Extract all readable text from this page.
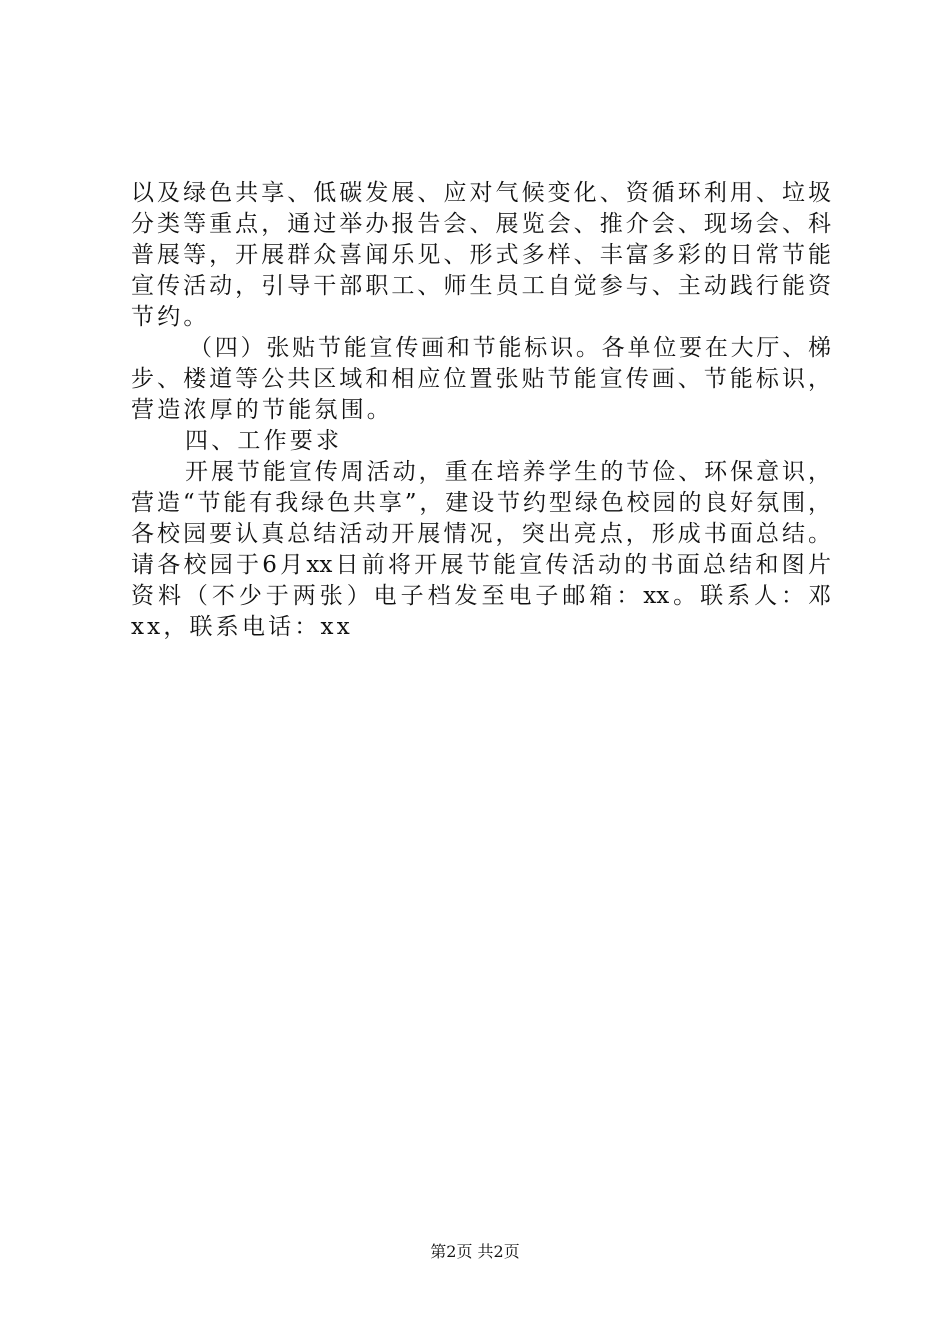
以及绿色共享、低碳发展、应对气候变化、资循环利用、垃圾
分类等重点，通过举办报告会、展览会、推介会、现场会、科
普展等，开展群众喜闻乐见、形式多样、丰富多彩的日常节能
宣传活动，引导干部职工、师生员工自觉参与、主动践行能资
节约。
（四）张贴节能宣传画和节能标识。各单位要在大厅、梯
步、楼道等公共区域和相应位置张贴节能宣传画、节能标识，
营造浓厚的节能氛围。
四、工作要求
开展节能宣传周活动，重在培养学生的节俭、环保意识，
营造“节能有我绿色共享”，建设节约型绿色校园的良好氛围，
各校园要认真总结活动开展情况，突出亮点，形成书面总结。
请各校园于6月xx日前将开展节能宣传活动的书面总结和图片
资料（不少于两张）电子档发至电子邮箱：xx。联系人：邓
xx，联系电话：xx
第2页 共2页
